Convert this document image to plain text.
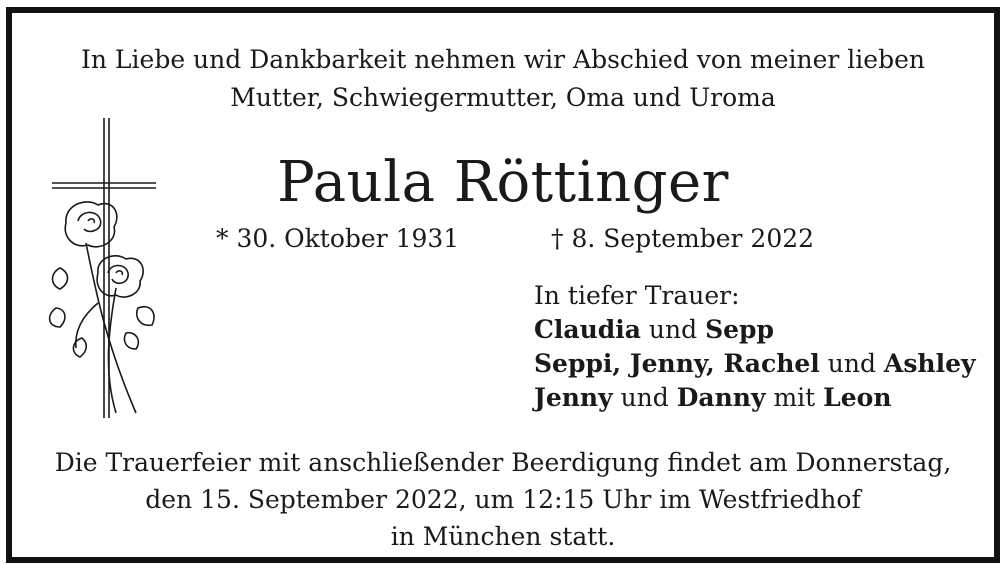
In Liebe und Dankbarkeit nehmen wir Abschied von meiner lieben
Mutter, Schwiegermutter, Oma und Uroma
Paula Röttinger
* 30. Oktober 1931	† 8. September 2022
In tiefer Trauer:
Claudia und Sepp
Seppi, Jenny, Rachel und Ashley
Jenny und Danny mit Leon
Die Trauerfeier mit anschließender Beerdigung findet am Donnerstag,
den 15. September 2022, um 12:15 Uhr im Westfriedhof
in München statt.
